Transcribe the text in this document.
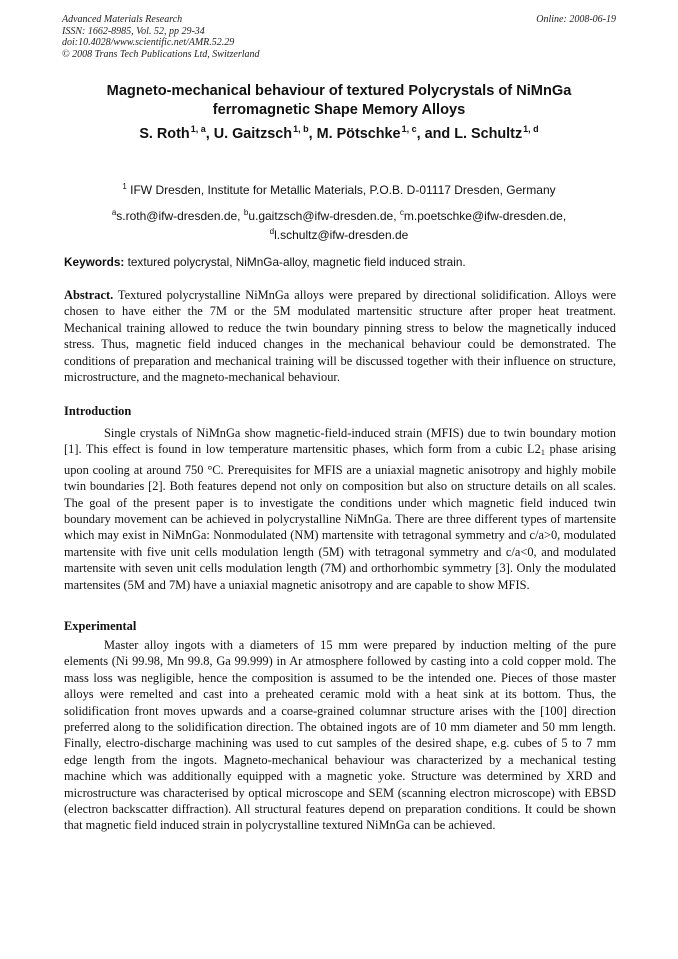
Advanced Materials Research
ISSN: 1662-8985, Vol. 52, pp 29-34
doi:10.4028/www.scientific.net/AMR.52.29
© 2008 Trans Tech Publications Ltd, Switzerland
Online: 2008-06-19
Magneto-mechanical behaviour of textured Polycrystals of NiMnGa
ferromagnetic Shape Memory Alloys
S. Roth$^{1, a}$, U. Gaitzsch$^{1, b}$, M. Pötschke$^{1, c}$, and L. Schultz$^{1, d}$
$^1$ IFW Dresden, Institute for Metallic Materials, P.O.B. D-01117 Dresden, Germany
$^a$s.roth@ifw-dresden.de, $^b$u.gaitzsch@ifw-dresden.de, $^c$m.poetschke@ifw-dresden.de,
$^d$l.schultz@ifw-dresden.de
Keywords: textured polycrystal, NiMnGa-alloy, magnetic field induced strain.
Abstract. Textured polycrystalline NiMnGa alloys were prepared by directional solidification. Alloys were chosen to have either the 7M or the 5M modulated martensitic structure after proper heat treatment. Mechanical training allowed to reduce the twin boundary pinning stress to below the magnetically induced stress. Thus, magnetic field induced changes in the mechanical behaviour could be demonstrated. The conditions of preparation and mechanical training will be discussed together with their influence on structure, microstructure, and the magneto-mechanical behaviour.
Introduction
Single crystals of NiMnGa show magnetic-field-induced strain (MFIS) due to twin boundary motion [1]. This effect is found in low temperature martensitic phases, which form from a cubic $L2_1$ phase arising upon cooling at around 750 °C. Prerequisites for MFIS are a uniaxial magnetic anisotropy and highly mobile twin boundaries [2]. Both features depend not only on composition but also on structure details on all scales. The goal of the present paper is to investigate the conditions under which magnetic field induced twin boundary movement can be achieved in polycrystalline NiMnGa. There are three different types of martensite which may exist in NiMnGa: Nonmodulated (NM) martensite with tetragonal symmetry and c/a>0, modulated martensite with five unit cells modulation length (5M) with tetragonal symmetry and c/a<0, and modulated martensite with seven unit cells modulation length (7M) and orthorhombic symmetry [3]. Only the modulated martensites (5M and 7M) have a uniaxial magnetic anisotropy and are capable to show MFIS.
Experimental
Master alloy ingots with a diameters of 15 mm were prepared by induction melting of the pure elements (Ni 99.98, Mn 99.8, Ga 99.999) in Ar atmosphere followed by casting into a cold copper mold. The mass loss was negligible, hence the composition is assumed to be the intended one. Pieces of those master alloys were remelted and cast into a preheated ceramic mold with a heat sink at its bottom. Thus, the solidification front moves upwards and a coarse-grained columnar structure arises with the [100] direction preferred along to the solidification direction. The obtained ingots are of 10 mm diameter and 50 mm length. Finally, electro-discharge machining was used to cut samples of the desired shape, e.g. cubes of 5 to 7 mm edge length from the ingots. Magneto-mechanical behaviour was characterized by a mechanical testing machine which was additionally equipped with a magnetic yoke. Structure was determined by XRD and microstructure was characterised by optical microscope and SEM (scanning electron microscope) with EBSD (electron backscatter diffraction). All structural features depend on preparation conditions. It could be shown that magnetic field induced strain in polycrystalline textured NiMnGa can be achieved.
